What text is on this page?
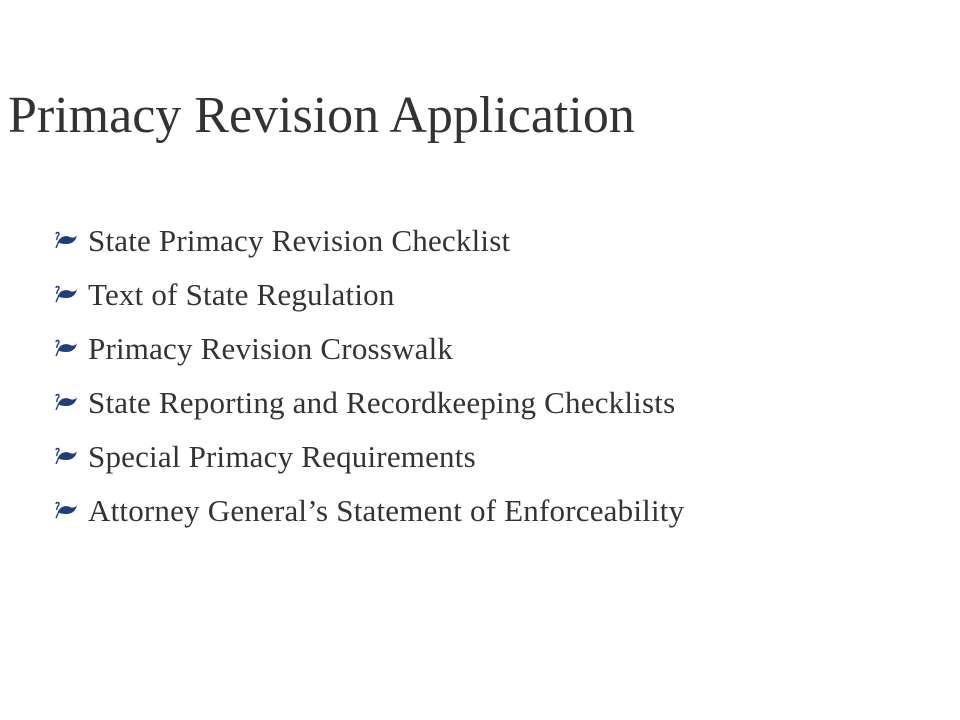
Primacy Revision Application
State Primacy Revision Checklist
Text of State Regulation
Primacy Revision Crosswalk
State Reporting and Recordkeeping Checklists
Special Primacy Requirements
Attorney General’s Statement of Enforceability
